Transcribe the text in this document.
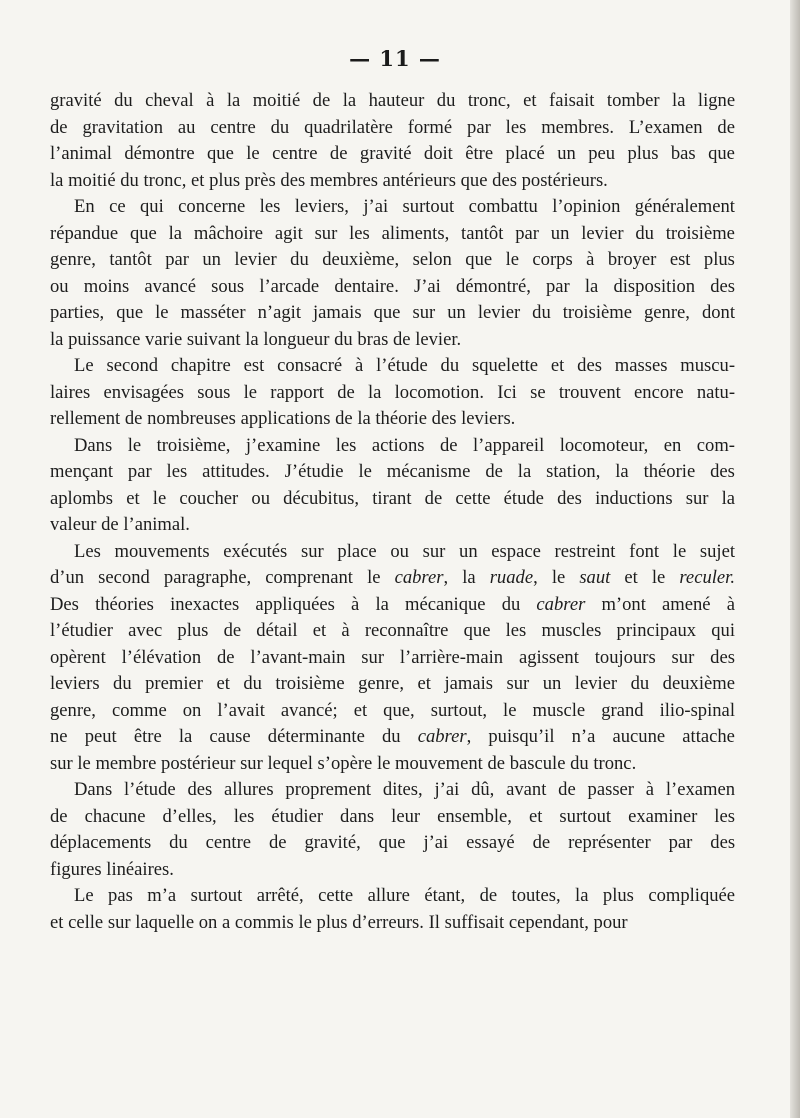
— 11 —
gravité du cheval à la moitié de la hauteur du tronc, et faisait tomber la ligne
de gravitation au centre du quadrilatère formé par les membres. L’examen de
l’animal démontre que le centre de gravité doit être placé un peu plus bas que
la moitié du tronc, et plus près des membres antérieurs que des postérieurs.
En ce qui concerne les leviers, j’ai surtout combattu l’opinion généralement
répandue que la mâchoire agit sur les aliments, tantôt par un levier du troisième
genre, tantôt par un levier du deuxième, selon que le corps à broyer est plus
ou moins avancé sous l’arcade dentaire. J’ai démontré, par la disposition des
parties, que le masséter n’agit jamais que sur un levier du troisième genre, dont
la puissance varie suivant la longueur du bras de levier.
Le second chapitre est consacré à l’étude du squelette et des masses muscu-
laires envisagées sous le rapport de la locomotion. Ici se trouvent encore natu-
rellement de nombreuses applications de la théorie des leviers.
Dans le troisième, j’examine les actions de l’appareil locomoteur, en com-
mençant par les attitudes. J’étudie le mécanisme de la station, la théorie des
aplombs et le coucher ou décubitus, tirant de cette étude des inductions sur la
valeur de l’animal.
Les mouvements exécutés sur place ou sur un espace restreint font le sujet
d’un second paragraphe, comprenant le cabrer, la ruade, le saut et le reculer.
Des théories inexactes appliquées à la mécanique du cabrer m’ont amené à
l’étudier avec plus de détail et à reconnaître que les muscles principaux qui
opèrent l’élévation de l’avant-main sur l’arrière-main agissent toujours sur des
leviers du premier et du troisième genre, et jamais sur un levier du deuxième
genre, comme on l’avait avancé; et que, surtout, le muscle grand ilio-spinal
ne peut être la cause déterminante du cabrer, puisqu’il n’a aucune attache
sur le membre postérieur sur lequel s’opère le mouvement de bascule du tronc.
Dans l’étude des allures proprement dites, j’ai dû, avant de passer à l’examen
de chacune d’elles, les étudier dans leur ensemble, et surtout examiner les
déplacements du centre de gravité, que j’ai essayé de représenter par des
figures linéaires.
Le pas m’a surtout arrêté, cette allure étant, de toutes, la plus compliquée
et celle sur laquelle on a commis le plus d’erreurs. Il suffisait cependant, pour
